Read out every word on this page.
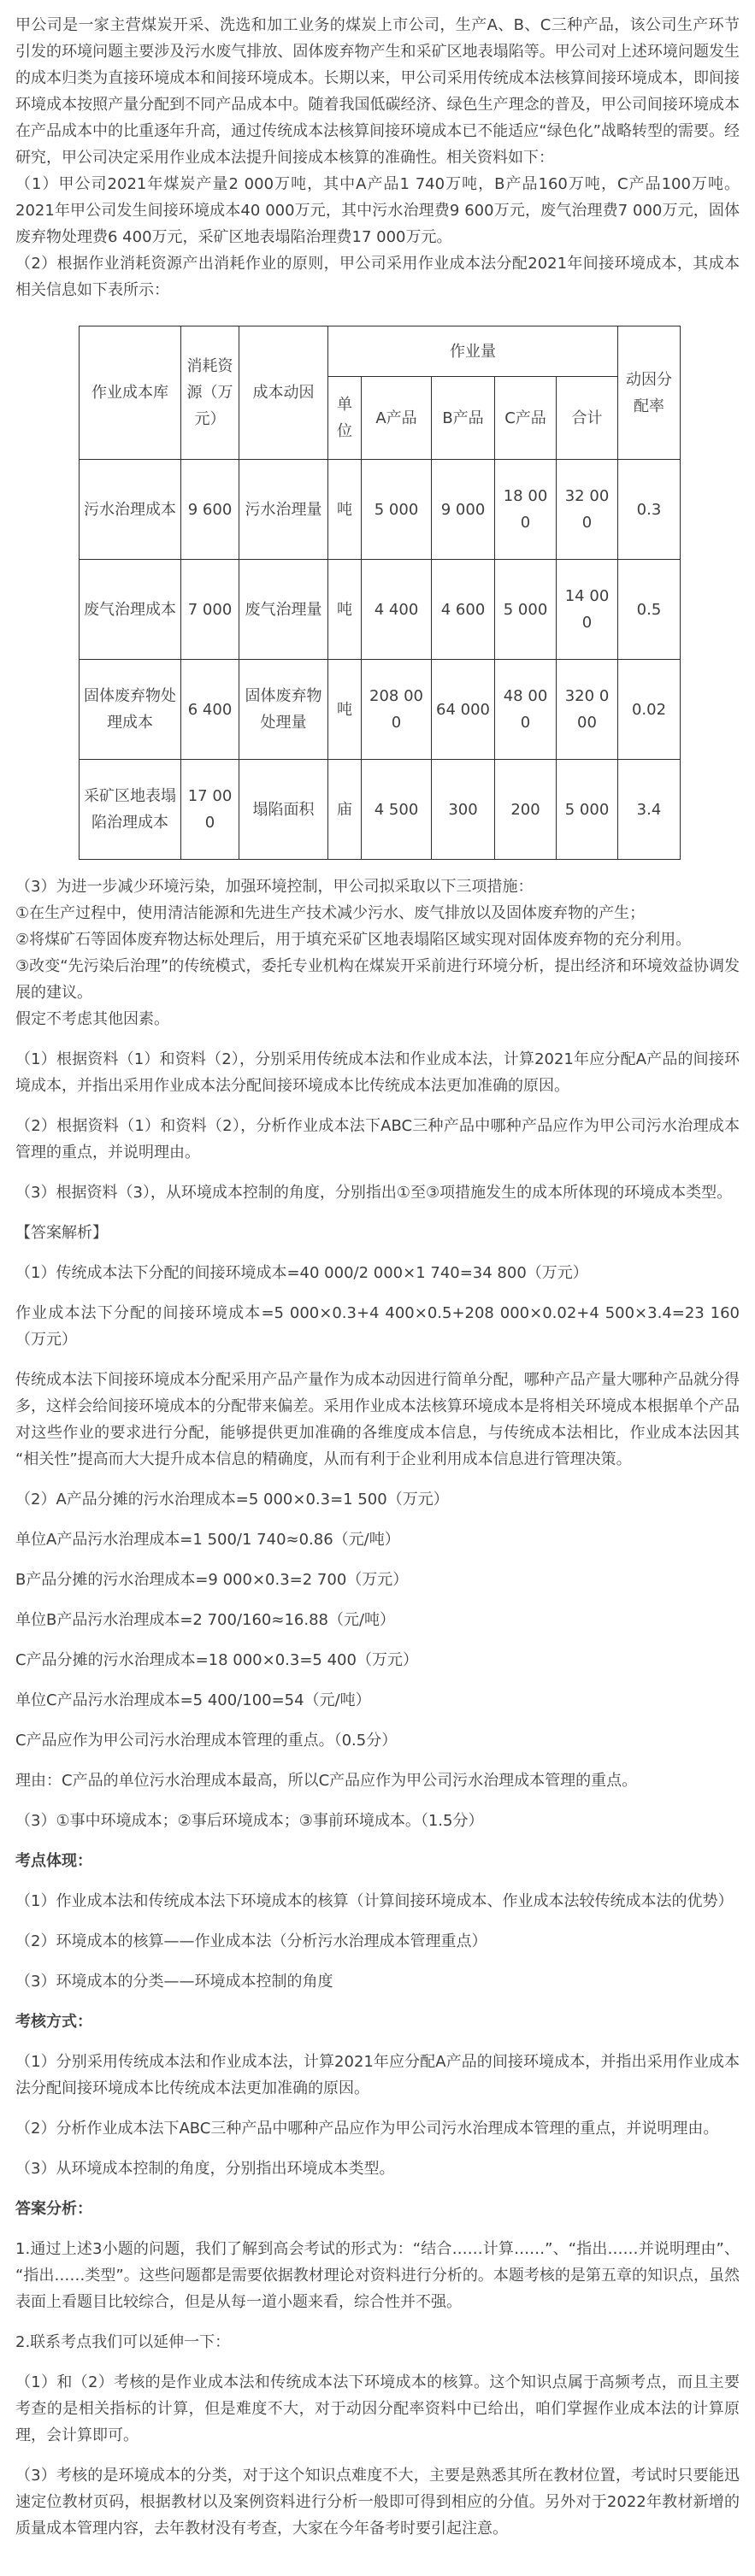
甲公司是一家主营煤炭开采、洗选和加工业务的煤炭上市公司，生产A、B、C三种产品，该公司生产环节引发的环境问题主要涉及污水废气排放、固体废弃物产生和采矿区地表塌陷等。甲公司对上述环境问题发生的成本归类为直接环境成本和间接环境成本。长期以来，甲公司采用传统成本法核算间接环境成本，即间接环境成本按照产量分配到不同产品成本中。随着我国低碳经济、绿色生产理念的普及，甲公司间接环境成本在产品成本中的比重逐年升高，通过传统成本法核算间接环境成本已不能适应“绿色化”战略转型的需要。经研究，甲公司决定采用作业成本法提升间接成本核算的准确性。相关资料如下：
（1）甲公司2021年煤炭产量2 000万吨，其中A产品1 740万吨，B产品160万吨，C产品100万吨。2021年甲公司发生间接环境成本40 000万元，其中污水治理费9 600万元，废气治理费7 000万元，固体废弃物处理费6 400万元，采矿区地表塌陷治理费17 000万元。
（2）根据作业消耗资源产出消耗作业的原则，甲公司采用作业成本法分配2021年间接环境成本，其成本相关信息如下表所示：
作业成本库	消耗资源（万元）	成本动因	作业量					动因分配率
			单位	A产品	B产品	C产品	合计	
污水治理成本	9 600	污水治理量	吨	5 000	9 000	18 000	32 000	0.3
废气治理成本	7 000	废气治理量	吨	4 400	4 600	5 000	14 000	0.5
固体废弃物处理成本	6 400	固体废弃物处理量	吨	208 000	64 000	48 000	320 000	0.02
采矿区地表塌陷治理成本	17 000	塌陷面积	庙	4 500	300	200	5 000	3.4
（3）为进一步减少环境污染，加强环境控制，甲公司拟采取以下三项措施：
①在生产过程中，使用清洁能源和先进生产技术减少污水、废气排放以及固体废弃物的产生；
②将煤矿石等固体废弃物达标处理后，用于填充采矿区地表塌陷区域实现对固体废弃物的充分利用。
③改变“先污染后治理”的传统模式，委托专业机构在煤炭开采前进行环境分析，提出经济和环境效益协调发展的建议。
假定不考虑其他因素。
（1）根据资料（1）和资料（2），分别采用传统成本法和作业成本法，计算2021年应分配A产品的间接环境成本，并指出采用作业成本法分配间接环境成本比传统成本法更加准确的原因。
（2）根据资料（1）和资料（2），分析作业成本法下ABC三种产品中哪种产品应作为甲公司污水治理成本管理的重点，并说明理由。
（3）根据资料（3），从环境成本控制的角度，分别指出①至③项措施发生的成本所体现的环境成本类型。
【答案解析】
（1）传统成本法下分配的间接环境成本=40 000/2 000×1 740=34 800（万元）
作业成本法下分配的间接环境成本=5 000×0.3+4 400×0.5+208 000×0.02+4 500×3.4=23 160（万元）
传统成本法下间接环境成本分配采用产品产量作为成本动因进行简单分配，哪种产品产量大哪种产品就分得多，这样会给间接环境成本的分配带来偏差。采用作业成本法核算环境成本是将相关环境成本根据单个产品对这些作业的要求进行分配，能够提供更加准确的各维度成本信息，与传统成本法相比，作业成本法因其“相关性”提高而大大提升成本信息的精确度，从而有利于企业利用成本信息进行管理决策。
（2）A产品分摊的污水治理成本=5 000×0.3=1 500（万元）
单位A产品污水治理成本=1 500/1 740≈0.86（元/吨）
B产品分摊的污水治理成本=9 000×0.3=2 700（万元）
单位B产品污水治理成本=2 700/160≈16.88（元/吨）
C产品分摊的污水治理成本=18 000×0.3=5 400（万元）
单位C产品污水治理成本=5 400/100=54（元/吨）
C产品应作为甲公司污水治理成本管理的重点。（0.5分）
理由：C产品的单位污水治理成本最高，所以C产品应作为甲公司污水治理成本管理的重点。
（3）①事中环境成本；②事后环境成本；③事前环境成本。（1.5分）
考点体现：
（1）作业成本法和传统成本法下环境成本的核算（计算间接环境成本、作业成本法较传统成本法的优势）
（2）环境成本的核算——作业成本法（分析污水治理成本管理重点）
（3）环境成本的分类——环境成本控制的角度
考核方式：
（1）分别采用传统成本法和作业成本法，计算2021年应分配A产品的间接环境成本，并指出采用作业成本法分配间接环境成本比传统成本法更加准确的原因。
（2）分析作业成本法下ABC三种产品中哪种产品应作为甲公司污水治理成本管理的重点，并说明理由。
（3）从环境成本控制的角度，分别指出环境成本类型。
答案分析：
1.通过上述3小题的问题，我们了解到高会考试的形式为：“结合……计算……”、“指出……并说明理由”、“指出……类型”。这些问题都是需要依据教材理论对资料进行分析的。本题考核的是第五章的知识点，虽然表面上看题目比较综合，但是从每一道小题来看，综合性并不强。
2.联系考点我们可以延伸一下：
（1）和（2）考核的是作业成本法和传统成本法下环境成本的核算。这个知识点属于高频考点，而且主要考查的是相关指标的计算，但是难度不大，对于动因分配率资料中已给出，咱们掌握作业成本法的计算原理，会计算即可。
（3）考核的是环境成本的分类，对于这个知识点难度不大，主要是熟悉其所在教材位置，考试时只要能迅速定位教材页码，根据教材以及案例资料进行分析一般即可得到相应的分值。另外对于2022年教材新增的质量成本管理内容，去年教材没有考查，大家在今年备考时要引起注意。
